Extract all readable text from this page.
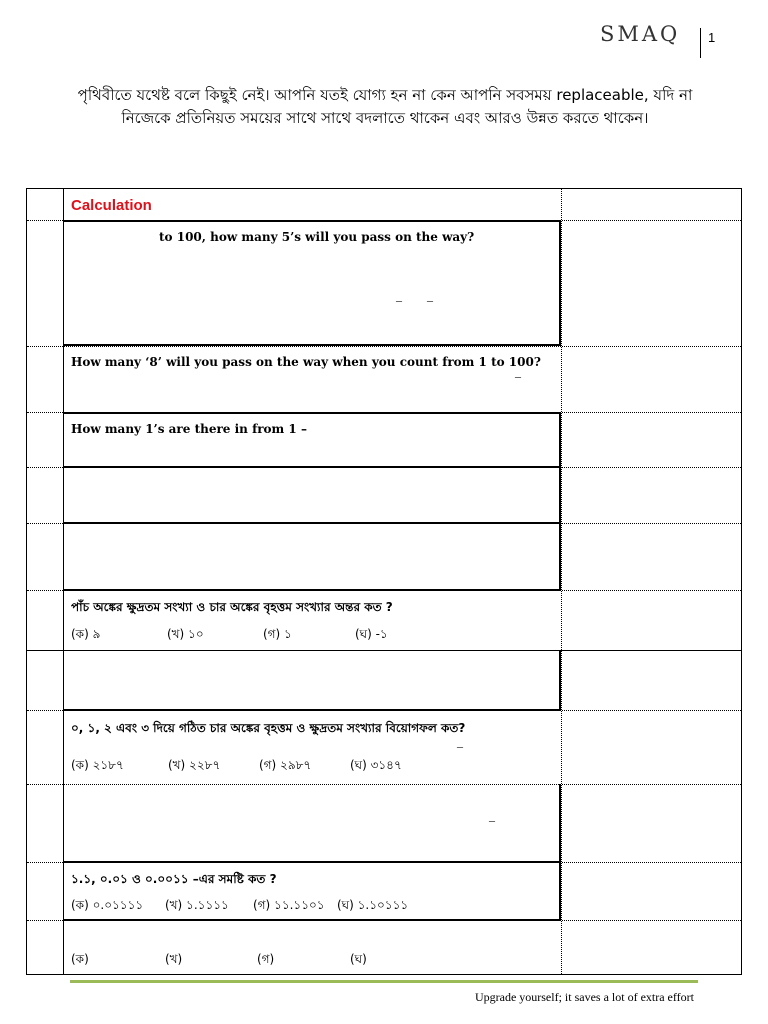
SMAQ 1
পৃথিবীতে যথেষ্ট বলে কিছুই নেই। আপনি যতই যোগ্য হন না কেন আপনি সবসময় replaceable, যদি না
নিজেকে প্রতিনিয়ত সময়ের সাথে সাথে বদলাতে থাকেন এবং আরও উন্নত করতে থাকেন।
Calculation
to 100, how many 5’s will you pass on the way?
– –
How many ‘8’ will you pass on the way when you count from 1 to 100?
–
How many 1’s are there in from 1 –
পাঁচ অঙ্কের ক্ষুদ্রতম সংখ্যা ও চার অঙ্কের বৃহত্তম সংখ্যার অন্তর কত ?
(ক) ৯	(খ) ১০	(গ) ১	(ঘ) -১
০, ১, ২ এবং ৩ দিয়ে গঠিত চার অঙ্কের বৃহত্তম ও ক্ষুদ্রতম সংখ্যার বিয়োগফল কত?
–
(ক) ২১৮৭	(খ) ২২৮৭	(গ) ২৯৮৭	(ঘ) ৩১৪৭
–
১.১, ০.০১ ও ০.০০১১ –এর সমষ্টি কত ?
(ক) ০.০১১১১ (খ) ১.১১১১ (গ) ১১.১১০১ (ঘ) ১.১০১১১
(ক)	(খ)	(গ)	(ঘ)
Upgrade yourself; it saves a lot of extra effort
